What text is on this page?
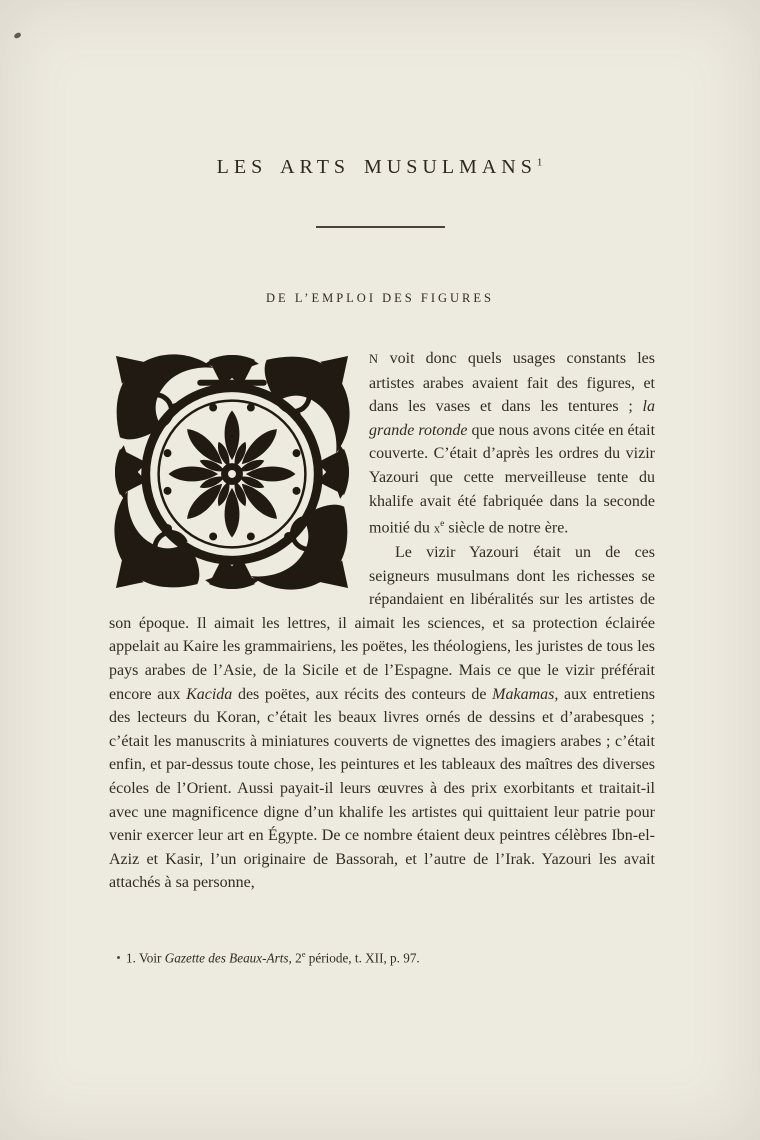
LES ARTS MUSULMANS$^1$
DE L’EMPLOI DES FIGURES

N voit donc quels usages constants les artistes arabes avaient fait des figures, et dans les vases et dans les tentures ; la grande rotonde que nous avons citée en était couverte. C’était d’après les ordres du vizir Yazouri que cette merveilleuse tente du khalife avait été fabriquée dans la seconde moitié du $x^e$ siècle de notre ère.

Le vizir Yazouri était un de ces seigneurs musulmans dont les richesses se répandaient en libéralités sur les artistes de son époque. Il aimait les lettres, il aimait les sciences, et sa protection éclairée appelait au Kaire les grammairiens, les poëtes, les théologiens, les juristes de tous les pays arabes de l’Asie, de la Sicile et de l’Espagne. Mais ce que le vizir préférait encore aux Kacida des poëtes, aux récits des conteurs de Makamas, aux entretiens des lecteurs du Koran, c’était les beaux livres ornés de dessins et d’arabesques ; c’était les manuscrits à miniatures couverts de vignettes des imagiers arabes ; c’était enfin, et par-dessus toute chose, les peintures et les tableaux des maîtres des diverses écoles de l’Orient. Aussi payait-il leurs œuvres à des prix exorbitants et traitait-il avec une magnificence digne d’un khalife les artistes qui quittaient leur patrie pour venir exercer leur art en Égypte. De ce nombre étaient deux peintres célèbres Ibn-el-Aziz et Kasir, l’un originaire de Bassorah, et l’autre de l’Irak. Yazouri les avait attachés à sa personne,

1. Voir Gazette des Beaux-Arts, 2e période, t. XII, p. 97.
